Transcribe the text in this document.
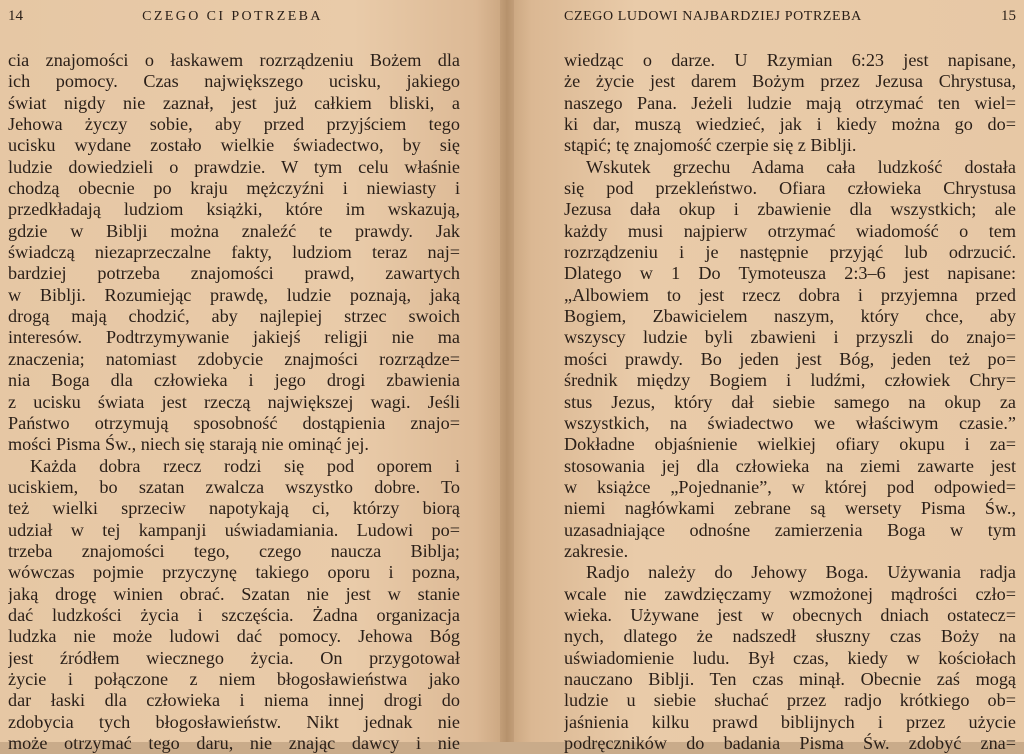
14	CZEGO CI POTRZEBA
cia znajomości o łaskawem rozrządzeniu Bożem dla
ich pomocy. Czas największego ucisku, jakiego
świat nigdy nie zaznał, jest już całkiem bliski, a
Jehowa życzy sobie, aby przed przyjściem tego
ucisku wydane zostało wielkie świadectwo, by się
ludzie dowiedzieli o prawdzie. W tym celu właśnie
chodzą obecnie po kraju mężczyźni i niewiasty i
przedkładają ludziom książki, które im wskazują,
gdzie w Biblji można znaleźć te prawdy. Jak
świadczą niezaprzeczalne fakty, ludziom teraz naj=
bardziej potrzeba znajomości prawd, zawartych
w Biblji. Rozumiejąc prawdę, ludzie poznają, jaką
drogą mają chodzić, aby najlepiej strzec swoich
interesów. Podtrzymywanie jakiejś religji nie ma
znaczenia; natomiast zdobycie znajmości rozrządze=
nia Boga dla człowieka i jego drogi zbawienia
z ucisku świata jest rzeczą największej wagi. Jeśli
Państwo otrzymują sposobność dostąpienia znajo=
mości Pisma Św., niech się starają nie ominąć jej.
Każda dobra rzecz rodzi się pod oporem i
uciskiem, bo szatan zwalcza wszystko dobre. To
też wielki sprzeciw napotykają ci, którzy biorą
udział w tej kampanji uświadamiania. Ludowi po=
trzeba znajomości tego, czego naucza Biblja;
wówczas pojmie przyczynę takiego oporu i pozna,
jaką drogę winien obrać. Szatan nie jest w stanie
dać ludzkości życia i szczęścia. Żadna organizacja
ludzka nie może ludowi dać pomocy. Jehowa Bóg
jest źródłem wiecznego życia. On przygotował
życie i połączone z niem błogosławieństwa jako
dar łaski dla człowieka i niema innej drogi do
zdobycia tych błogosławieństw. Nikt jednak nie
może otrzymać tego daru, nie znając dawcy i nie
CZEGO LUDOWI NAJBARDZIEJ POTRZEBA	15
wiedząc o darze. U Rzymian 6:23 jest napisane,
że życie jest darem Bożym przez Jezusa Chrystusa,
naszego Pana. Jeżeli ludzie mają otrzymać ten wiel=
ki dar, muszą wiedzieć, jak i kiedy można go do=
stąpić; tę znajomość czerpie się z Biblji.
Wskutek grzechu Adama cała ludzkość dostała
się pod przekleństwo. Ofiara człowieka Chrystusa
Jezusa dała okup i zbawienie dla wszystkich; ale
każdy musi najpierw otrzymać wiadomość o tem
rozrządzeniu i je następnie przyjąć lub odrzucić.
Dlatego w 1 Do Tymoteusza 2:3–6 jest napisane:
„Albowiem to jest rzecz dobra i przyjemna przed
Bogiem, Zbawicielem naszym, który chce, aby
wszyscy ludzie byli zbawieni i przyszli do znajo=
mości prawdy. Bo jeden jest Bóg, jeden też po=
średnik między Bogiem i ludźmi, człowiek Chry=
stus Jezus, który dał siebie samego na okup za
wszystkich, na świadectwo we właściwym czasie.”
Dokładne objaśnienie wielkiej ofiary okupu i za=
stosowania jej dla człowieka na ziemi zawarte jest
w książce „Pojednanie”, w której pod odpowied=
niemi nagłówkami zebrane są wersety Pisma Św.,
uzasadniające odnośne zamierzenia Boga w tym
zakresie.
Radjo należy do Jehowy Boga. Używania radja
wcale nie zawdzięczamy wzmożonej mądrości czło=
wieka. Używane jest w obecnych dniach ostatecz=
nych, dlatego że nadszedł słuszny czas Boży na
uświadomienie ludu. Był czas, kiedy w kościołach
nauczano Biblji. Ten czas minął. Obecnie zaś mogą
ludzie u siebie słuchać przez radjo krótkiego ob=
jaśnienia kilku prawd biblijnych i przez użycie
podręczników do badania Pisma Św. zdobyć zna=
